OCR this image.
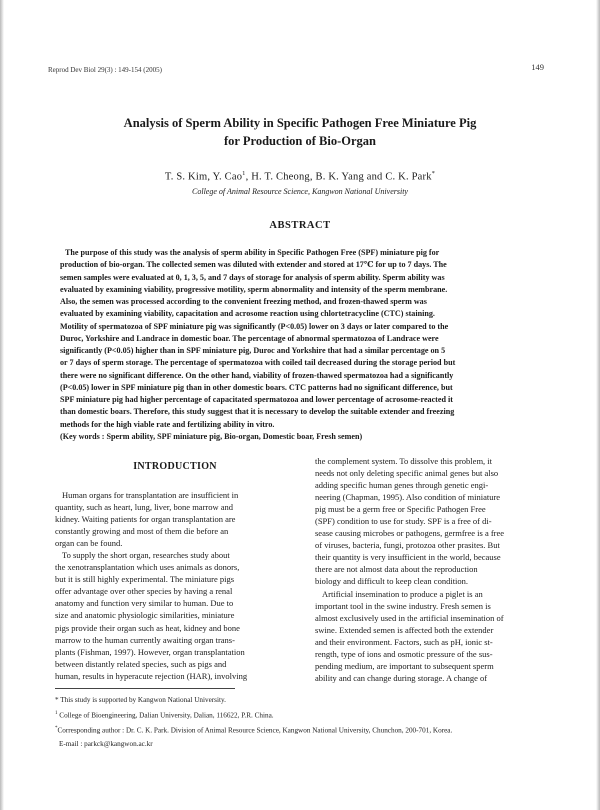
Reprod Dev Biol 29(3) : 149-154 (2005)	149
Analysis of Sperm Ability in Specific Pathogen Free Miniature Pig
for Production of Bio-Organ
T. S. Kim, Y. Cao$^1$, H. T. Cheong, B. K. Yang and C. K. Park*
College of Animal Resource Science, Kangwon National University
ABSTRACT
The purpose of this study was the analysis of sperm ability in Specific Pathogen Free (SPF) miniature pig for
production of bio-organ. The collected semen was diluted with extender and stored at 17℃ for up to 7 days. The
semen samples were evaluated at 0, 1, 3, 5, and 7 days of storage for analysis of sperm ability. Sperm ability was
evaluated by examining viability, progressive motility, sperm abnormality and intensity of the sperm membrane.
Also, the semen was processed according to the convenient freezing method, and frozen-thawed sperm was
evaluated by examining viability, capacitation and acrosome reaction using chlortetracycline (CTC) staining.
Motility of spermatozoa of SPF miniature pig was significantly (P<0.05) lower on 3 days or later compared to the
Duroc, Yorkshire and Landrace in domestic boar. The percentage of abnormal spermatozoa of Landrace were
significantly (P<0.05) higher than in SPF miniature pig, Duroc and Yorkshire that had a similar percentage on 5
or 7 days of sperm storage. The percentage of spermatozoa with coiled tail decreased during the storage period but
there were no significant difference. On the other hand, viability of frozen-thawed spermatozoa had a significantly
(P<0.05) lower in SPF miniature pig than in other domestic boars. CTC patterns had no significant difference, but
SPF miniature pig had higher percentage of capacitated spermatozoa and lower percentage of acrosome-reacted it
than domestic boars. Therefore, this study suggest that it is necessary to develop the suitable extender and freezing
methods for the high viable rate and fertilizing ability in vitro.
(Key words : Sperm ability, SPF miniature pig, Bio-organ, Domestic boar, Fresh semen)
INTRODUCTION
Human organs for transplantation are insufficient in
quantity, such as heart, lung, liver, bone marrow and
kidney. Waiting patients for organ transplantation are
constantly growing and most of them die before an
organ can be found.
To supply the short organ, researches study about
the xenotransplantation which uses animals as donors,
but it is still highly experimental. The miniature pigs
offer advantage over other species by having a renal
anatomy and function very similar to human. Due to
size and anatomic physiologic similarities, miniature
pigs provide their organ such as heat, kidney and bone
marrow to the human currently awaiting organ trans-
plants (Fishman, 1997). However, organ transplantation
between distantly related species, such as pigs and
human, results in hyperacute rejection (HAR), involving
the complement system. To dissolve this problem, it
needs not only deleting specific animal genes but also
adding specific human genes through genetic engi-
neering (Chapman, 1995). Also condition of miniature
pig must be a germ free or Specific Pathogen Free
(SPF) condition to use for study. SPF is a free of di-
sease causing microbes or pathogens, germfree is a free
of viruses, bacteria, fungi, protozoa other prasites. But
their quantity is very insufficient in the world, because
there are not almost data about the reproduction
biology and difficult to keep clean condition.
Artificial insemination to produce a piglet is an
important tool in the swine industry. Fresh semen is
almost exclusively used in the artificial insemination of
swine. Extended semen is affected both the extender
and their environment. Factors, such as pH, ionic st-
rength, type of ions and osmotic pressure of the sus-
pending medium, are important to subsequent sperm
ability and can change during storage. A change of
* This study is supported by Kangwon National University.
$^1$ College of Bioengineering, Dalian University, Dalian, 116622, P.R. China.
*Corresponding author : Dr. C. K. Park. Division of Animal Resource Science, Kangwon National University, Chunchon, 200-701, Korea.
E-mail : parkck@kangwon.ac.kr
